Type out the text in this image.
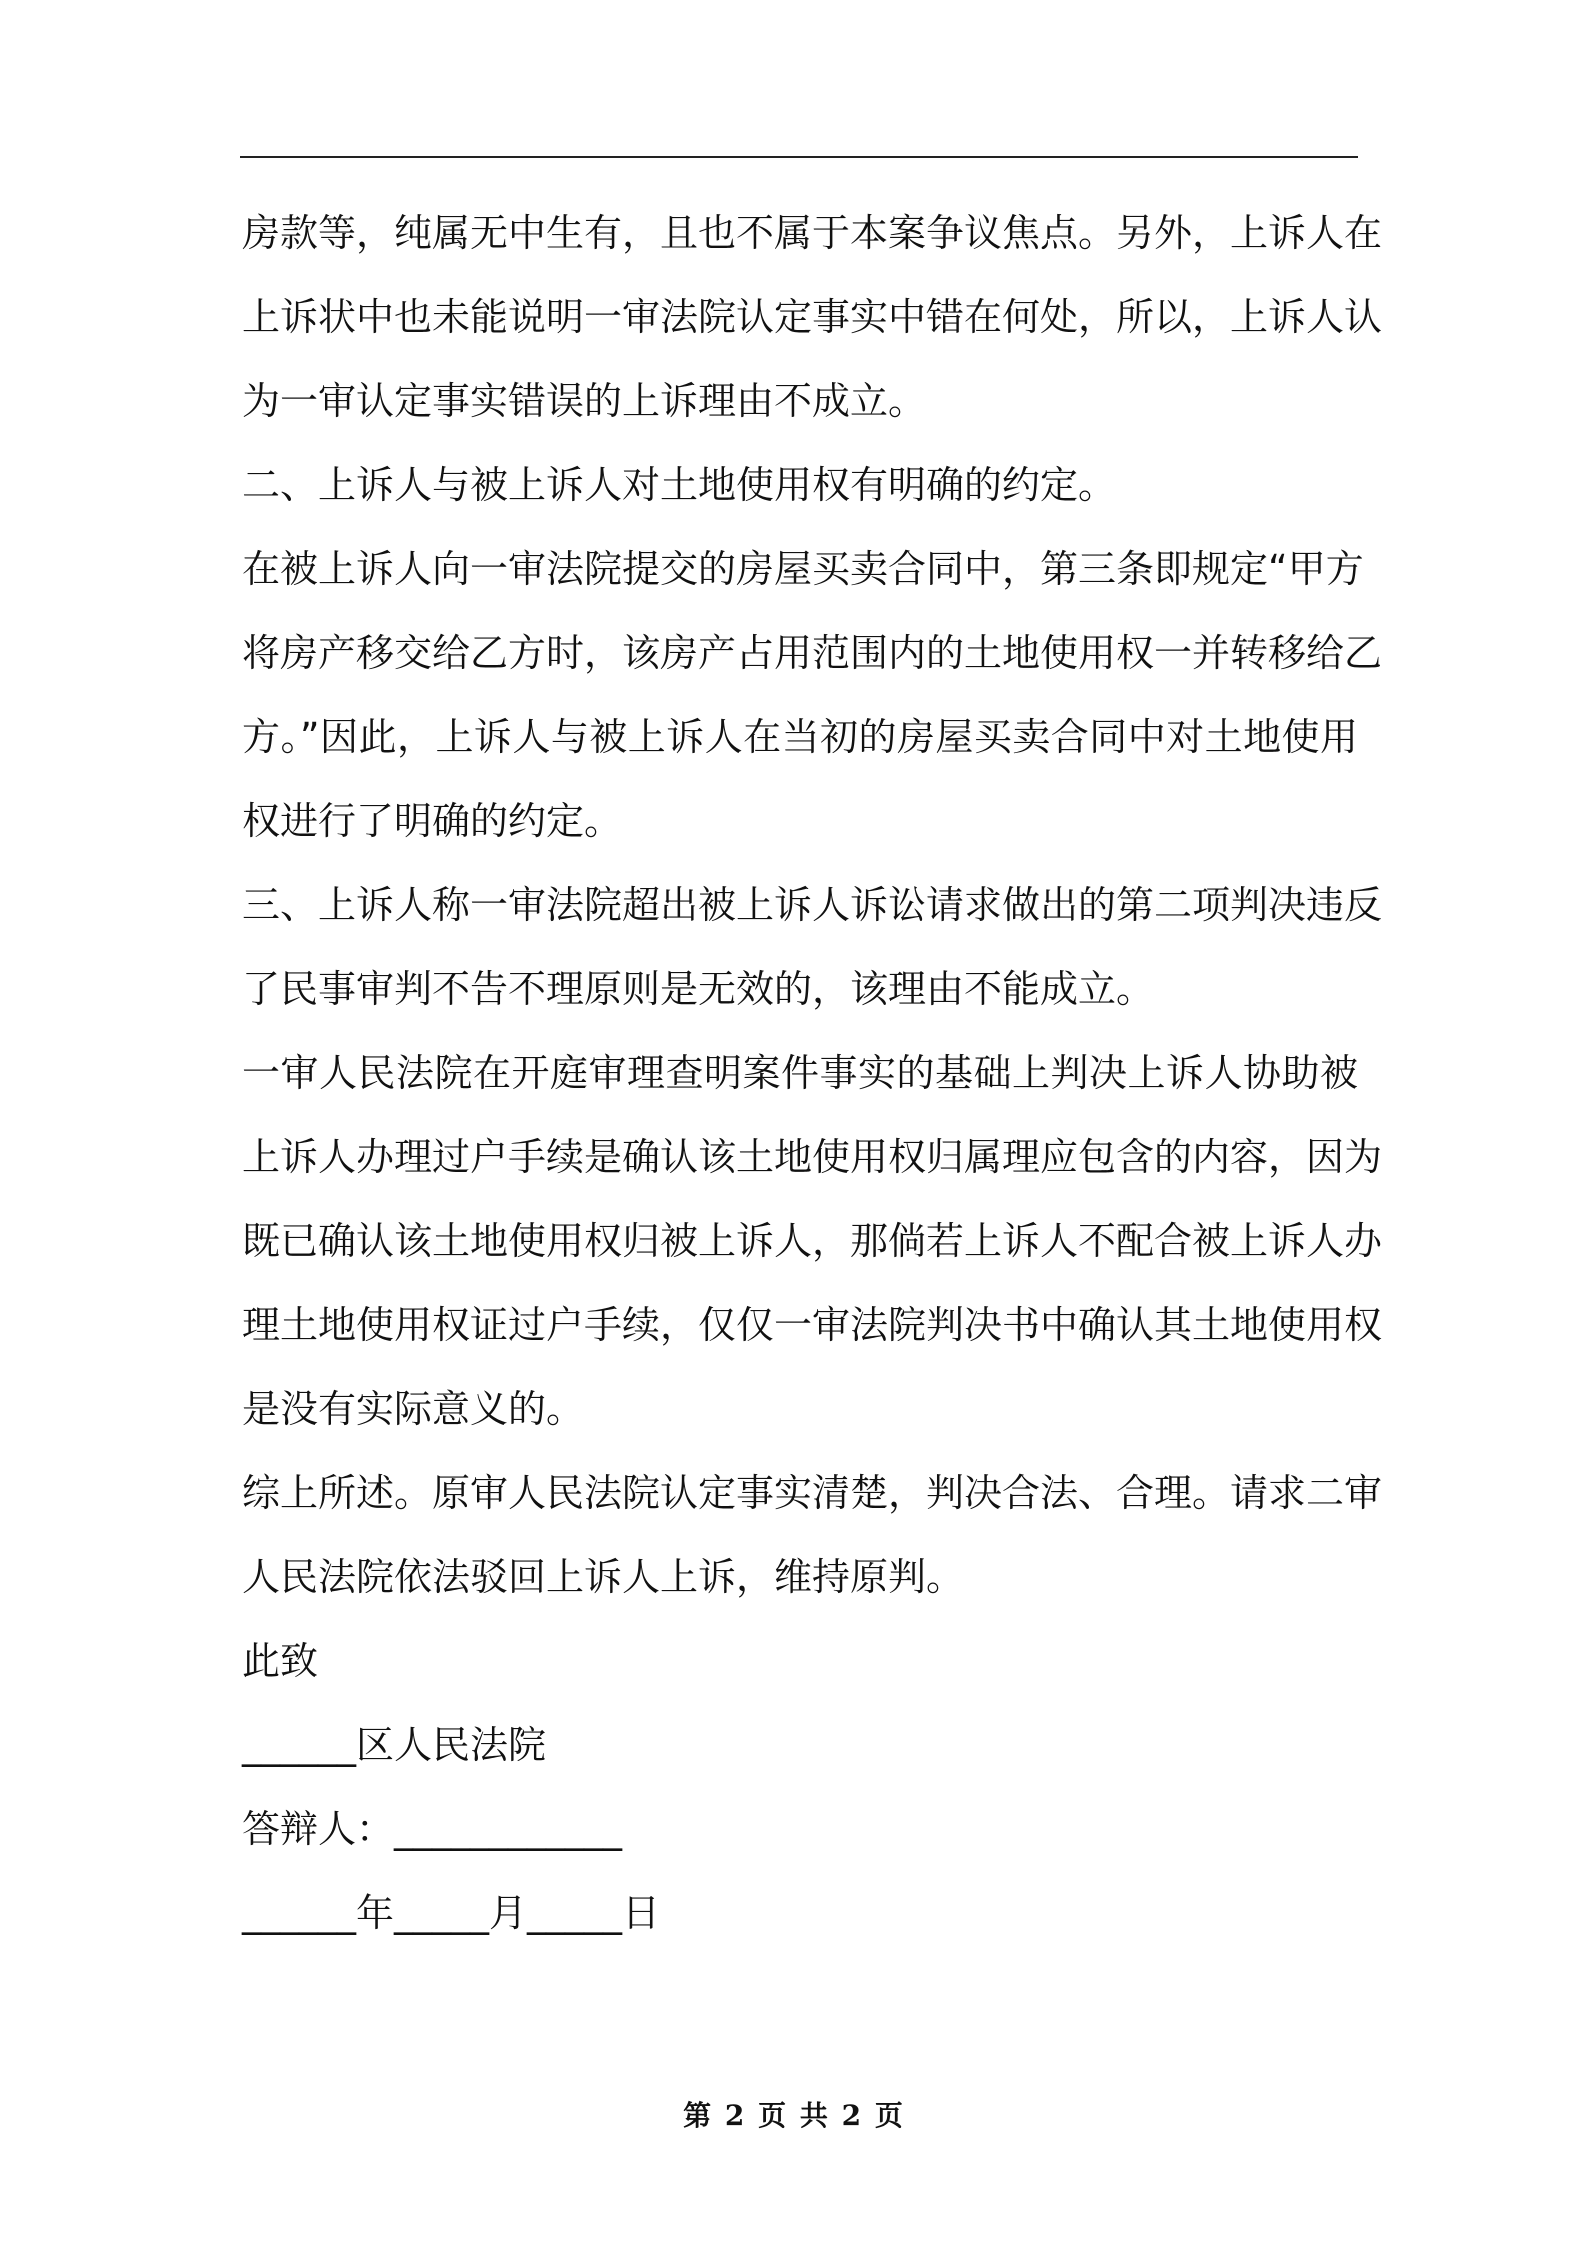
房款等，纯属无中生有，且也不属于本案争议焦点。另外，上诉人在
上诉状中也未能说明一审法院认定事实中错在何处，所以，上诉人认
为一审认定事实错误的上诉理由不成立。
二、上诉人与被上诉人对土地使用权有明确的约定。
在被上诉人向一审法院提交的房屋买卖合同中，第三条即规定“甲方
将房产移交给乙方时，该房产占用范围内的土地使用权一并转移给乙
方。”因此，上诉人与被上诉人在当初的房屋买卖合同中对土地使用
权进行了明确的约定。
三、上诉人称一审法院超出被上诉人诉讼请求做出的第二项判决违反
了民事审判不告不理原则是无效的，该理由不能成立。
一审人民法院在开庭审理查明案件事实的基础上判决上诉人协助被
上诉人办理过户手续是确认该土地使用权归属理应包含的内容，因为
既已确认该土地使用权归被上诉人，那倘若上诉人不配合被上诉人办
理土地使用权证过户手续，仅仅一审法院判决书中确认其土地使用权
是没有实际意义的。
综上所述。原审人民法院认定事实清楚，判决合法、合理。请求二审
人民法院依法驳回上诉人上诉，维持原判。
此致
______区人民法院
答辩人：____________
______年_____月_____日
第 2 页 共 2 页
